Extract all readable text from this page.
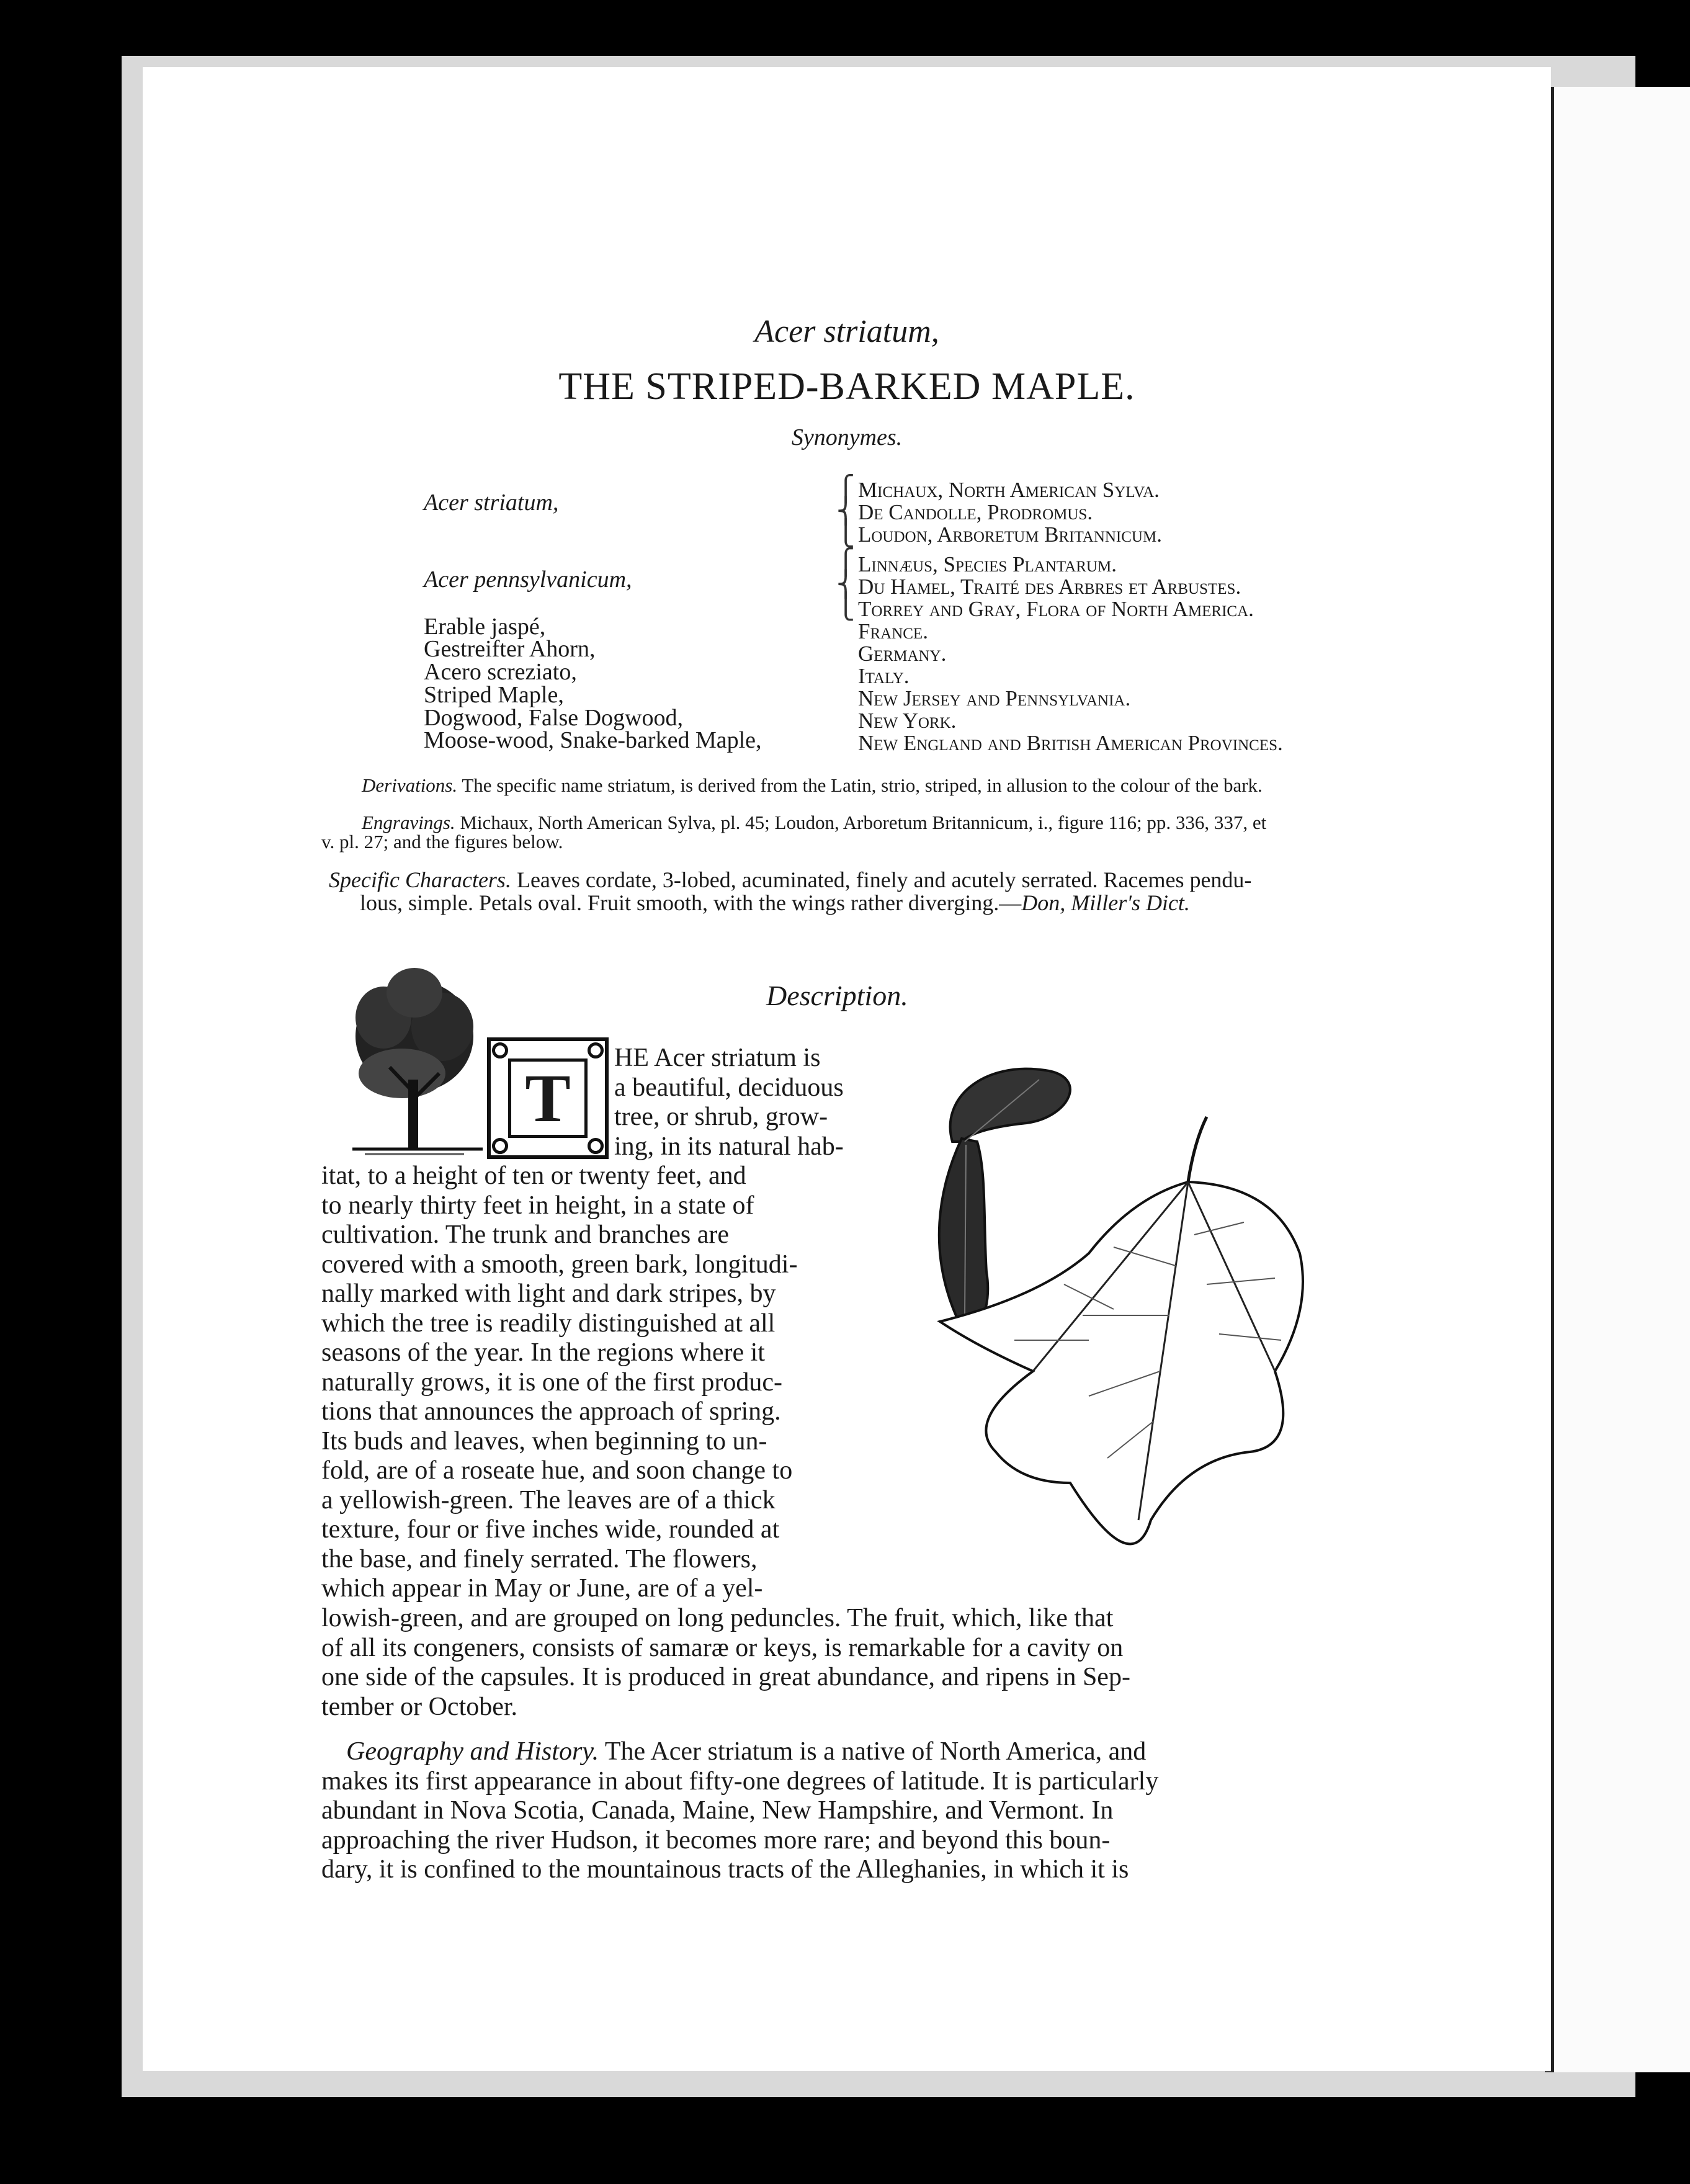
Acer striatum,

THE STRIPED-BARKED MAPLE.

Synonymes.

Acer striatum,

Acer pennsylvanicum,

Erable jaspé,

Gestreifter Ahorn,

Acero screziato,

Striped Maple,

Dogwood, False Dogwood,

Moose-wood, Snake-barked Maple,

⎧
⎨
⎩
⎧
⎨
⎩

Michaux, North American Sylva.

De Candolle, Prodromus.

Loudon, Arboretum Britannicum.

Linnæus, Species Plantarum.

Du Hamel, Traité des Arbres et Arbustes.

Torrey and Gray, Flora of North America.

France.

Germany.

Italy.

New Jersey and Pennsylvania.

New York.

New England and British American Provinces.

Derivations. The specific name striatum, is derived from the Latin, strio, striped, in allusion to the colour of the bark.

Engravings. Michaux, North American Sylva, pl. 45; Loudon, Arboretum Britannicum, i., figure 116; pp. 336, 337, et

v. pl. 27; and the figures below.

Specific Characters. Leaves cordate, 3-lobed, acuminated, finely and acutely serrated. Racemes pendu-

lous, simple. Petals oval. Fruit smooth, with the wings rather diverging.—Don, Miller's Dict.

Description.

T

HE Acer striatum is

a beautiful, deciduous

tree, or shrub, grow-

ing, in its natural hab-

itat, to a height of ten or twenty feet, and

to nearly thirty feet in height, in a state of

cultivation. The trunk and branches are

covered with a smooth, green bark, longitudi-

nally marked with light and dark stripes, by

which the tree is readily distinguished at all

seasons of the year. In the regions where it

naturally grows, it is one of the first produc-

tions that announces the approach of spring.

Its buds and leaves, when beginning to un-

fold, are of a roseate hue, and soon change to

a yellowish-green. The leaves are of a thick

texture, four or five inches wide, rounded at

the base, and finely serrated. The flowers,

which appear in May or June, are of a yel-

lowish-green, and are grouped on long peduncles. The fruit, which, like that

of all its congeners, consists of samaræ or keys, is remarkable for a cavity on

one side of the capsules. It is produced in great abundance, and ripens in Sep-

tember or October.

Geography and History. The Acer striatum is a native of North America, and

makes its first appearance in about fifty-one degrees of latitude. It is particularly

abundant in Nova Scotia, Canada, Maine, New Hampshire, and Vermont. In

approaching the river Hudson, it becomes more rare; and beyond this boun-

dary, it is confined to the mountainous tracts of the Alleghanies, in which it is
